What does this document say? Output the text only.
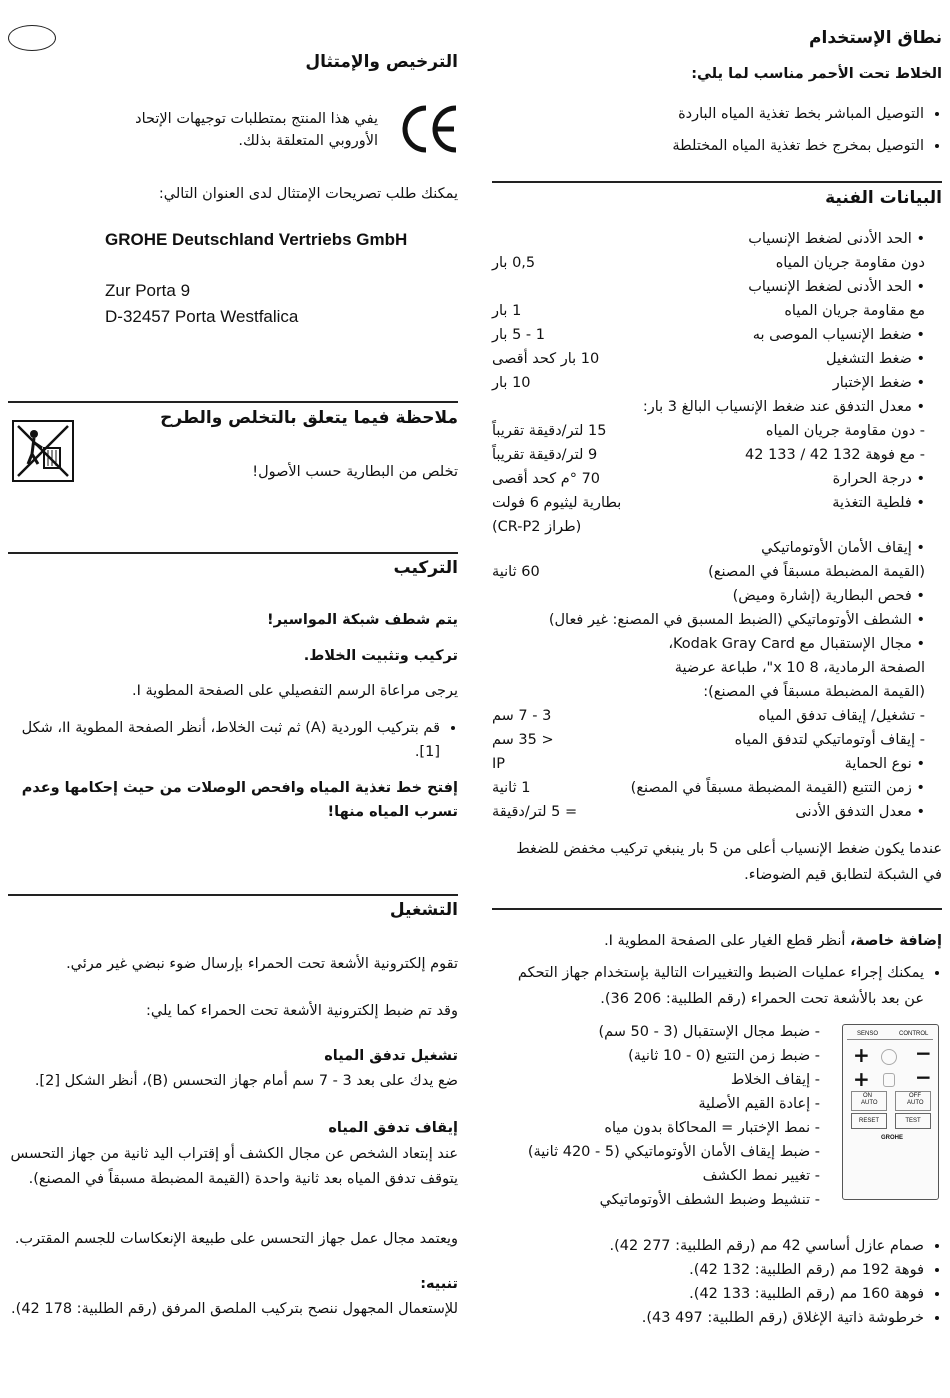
الترخيص والإمتثال
يفي هذا المنتج بمتطلبات توجيهات الإتحاد الأوروبي المتعلقة بذلك.
يمكنك طلب تصريحات الإمتثال لدى العنوان التالي:
GROHE Deutschland Vertriebs GmbH
Zur Porta 9
D-32457 Porta Westfalica
ملاحظة فيما يتعلق بالتخلص والطرح
تخلص من البطارية حسب الأصول!
التركيب
يتم شطف شبكة المواسير!
تركيب وتثبيت الخلاط.
يرجى مراعاة الرسم التفصيلي على الصفحة المطوية I.
• قم بتركيب الوردية (A) ثم ثبت الخلاط، أنظر الصفحة المطوية II، شكل [1].
إفتح خط تغذية المياه وافحص الوصلات من حيث إحكامها وعدم تسرب المياه منها!
التشغيل
تقوم إلكترونية الأشعة تحت الحمراء بإرسال ضوء نبضي غير مرئي.
وقد تم ضبط إلكترونية الأشعة تحت الحمراء كما يلي:
تشغيل تدفق المياه
ضع يدك على بعد 3 - 7 سم أمام جهاز التحسس (B)، أنظر الشكل [2].
إيقاف تدفق المياه
عند إبتعاد الشخص عن مجال الكشف أو إقتراب اليد ثانية من جهاز التحسس يتوقف تدفق المياه بعد ثانية واحدة (القيمة المضبطة مسبقاً في المصنع).
ويعتمد مجال عمل جهاز التحسس على طبيعة الإنعكاسات للجسم المقترب.
تنبيه:
للإستعمال المجهول ننصح بتركيب الملصق المرفق (رقم الطلبية: 178 42).
نطاق الإستخدام
الخلاط تحت الأحمر مناسب لما يلي:
• التوصيل المباشر بخط تغذية المياه الباردة
• التوصيل بمخرج خط تغذية المياه المختلطة
البيانات الفنية
• الحد الأدنى لضغط الإنسياب
دون مقاومة جريان المياه
0,5 بار
• الحد الأدنى لضغط الإنسياب
مع مقاومة جريان المياه
1 بار
• ضغط الإنسياب الموصى به
1 - 5 بار
• ضغط التشغيل
10 بار كحد أقصى
• ضغط الإختبار
10 بار
• معدل التدفق عند ضغط الإنسياب البالغ 3 بار:
- دون مقاومة جريان المياه
15 لتر/دقيقة تقريباً
- مع فوهة 132 42 / 133 42
9 لتر/دقيقة تقريباً
• درجة الحرارة
70 °م كحد أقصى
• فلطية التغذية
بطارية ليثيوم 6 فولت
(طراز CR-P2)
• إيقاف الأمان الأوتوماتيكي
(القيمة المضبطة مسبقاً في المصنع)
60 ثانية
• فحص البطارية (إشارة وميض)
• الشطف الأوتوماتيكي (الضبط المسبق في المصنع: غير فعال)
• مجال الإستقبال مع Kodak Gray Card،
الصفحة الرمادية، 8 x 10"، طباعة عرضية
(القيمة المضبطة مسبقاً في المصنع):
- تشغيل/ إيقاف تدفق المياه
3 - 7 سم
- إيقاف أوتوماتيكي لتدفق المياه
< 35 سم
• نوع الحماية
IP
• زمن التتبع (القيمة المضبطة مسبقاً في المصنع)
1 ثانية
• معدل التدفق الأدنى
= 5 لتر/دقيقة
عندما يكون ضغط الإنسياب أعلى من 5 بار ينبغي تركيب مخفض للضغط في الشبكة لتطابق قيم الضوضاء.
إضافة خاصة، أنظر قطع الغيار على الصفحة المطوية I.
• يمكنك إجراء عمليات الضبط والتغييرات التالية بإستخدام جهاز التحكم عن بعد بالأشعة تحت الحمراء (رقم الطلبية: 206 36).
- ضبط مجال الإستقبال (3 - 50 سم)
- ضبط زمن التتبع (0 - 10 ثانية)
- إيقاف الخلاط
- إعادة القيم الأصلية
- نمط الإختبار = المحاكاة بدون مياه
- ضبط إيقاف الأمان الأوتوماتيكي (5 - 420 ثانية)
- تغيير نمط الكشف
- تنشيط وضبط الشطف الأوتوماتيكي
SENSO	CONTROL
+ −
+ −
ON
AUTO
OFF
AUTO
RESET	TEST
GROHE
• صمام عازل أساسي 42 مم (رقم الطلبية: 277 42).
• فوهة 192 مم (رقم الطلبية: 132 42).
• فوهة 160 مم (رقم الطلبية: 133 42).
• خرطوشة ذاتية الإغلاق (رقم الطلبية: 497 43).
